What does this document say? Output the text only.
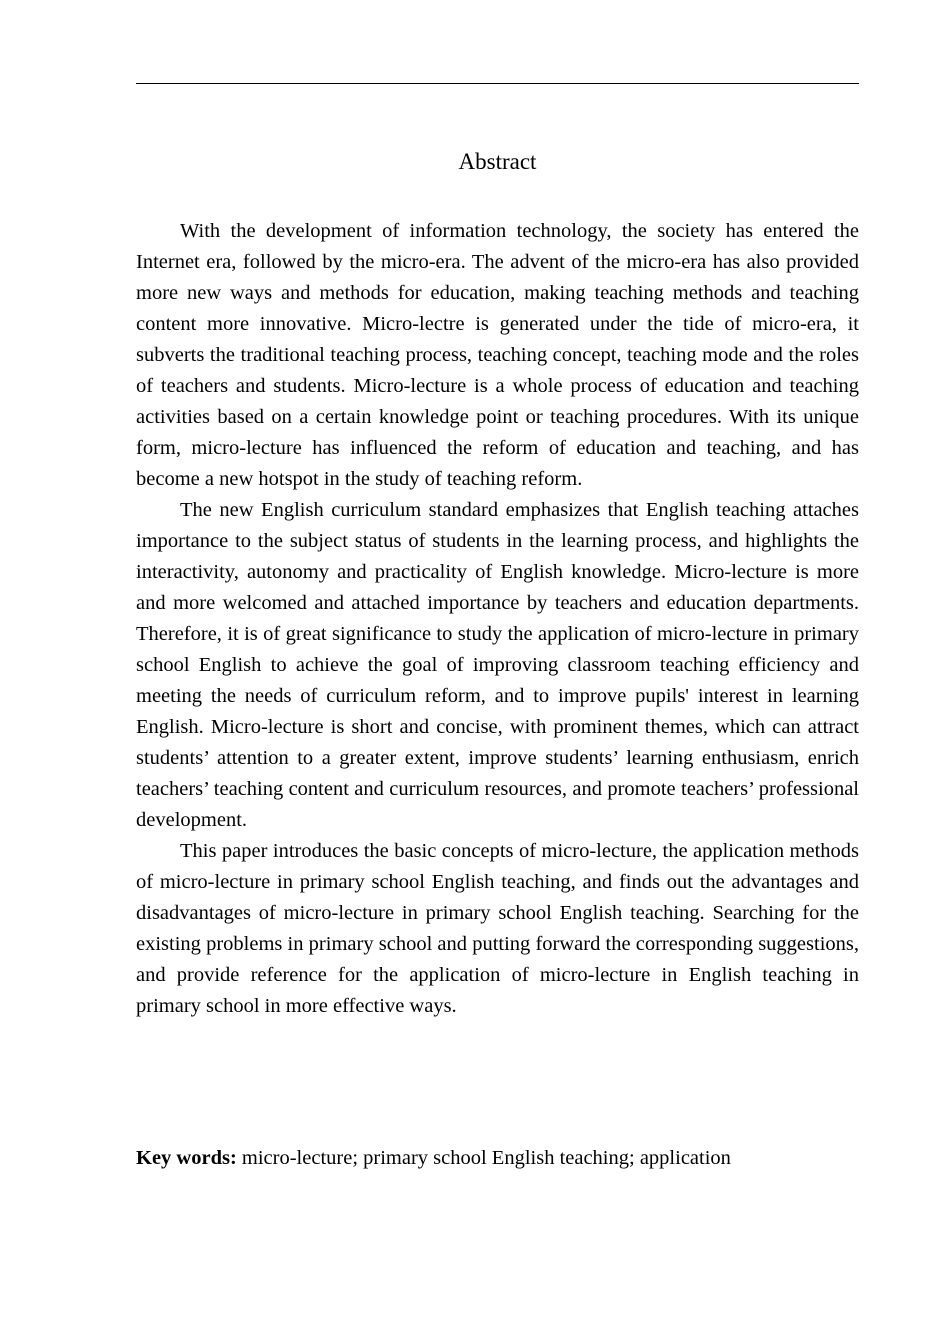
Abstract

With the development of information technology, the society has entered the Internet era, followed by the micro-era. The advent of the micro-era has also provided more new ways and methods for education, making teaching methods and teaching content more innovative. Micro-lectre is generated under the tide of micro-era, it subverts the traditional teaching process, teaching concept, teaching mode and the roles of teachers and students. Micro-lecture is a whole process of education and teaching activities based on a certain knowledge point or teaching procedures. With its unique form, micro-lecture has influenced the reform of education and teaching, and has become a new hotspot in the study of teaching reform.

The new English curriculum standard emphasizes that English teaching attaches importance to the subject status of students in the learning process, and highlights the interactivity, autonomy and practicality of English knowledge. Micro-lecture is more and more welcomed and attached importance by teachers and education departments. Therefore, it is of great significance to study the application of micro-lecture in primary school English to achieve the goal of improving classroom teaching efficiency and meeting the needs of curriculum reform, and to improve pupils' interest in learning English. Micro-lecture is short and concise, with prominent themes, which can attract students’ attention to a greater extent, improve students’ learning enthusiasm, enrich teachers’ teaching content and curriculum resources, and promote teachers’ professional development.

This paper introduces the basic concepts of micro-lecture, the application methods of micro-lecture in primary school English teaching, and finds out the advantages and disadvantages of micro-lecture in primary school English teaching. Searching for the existing problems in primary school and putting forward the corresponding suggestions, and provide reference for the application of micro-lecture in English teaching in primary school in more effective ways.

Key words: micro-lecture; primary school English teaching; application
